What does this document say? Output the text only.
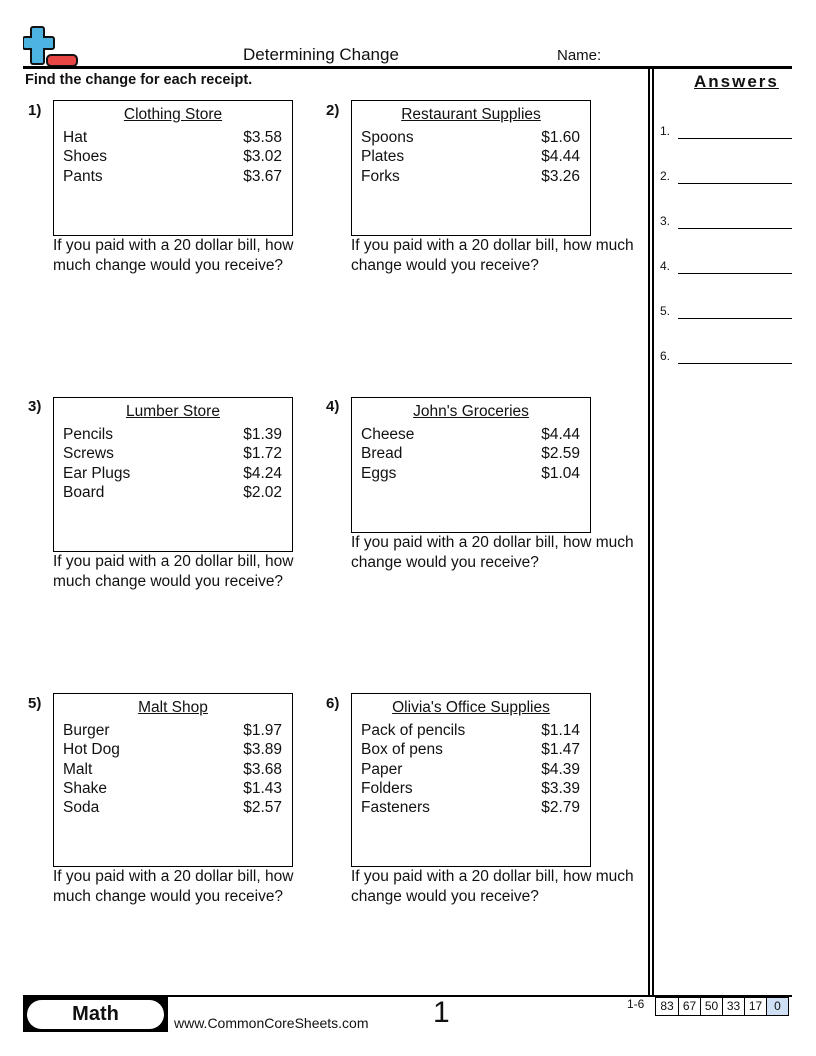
Determining Change	Name:
Find the change for each receipt.	Answers
1.
2.
3.
4.
5.
6.
1)	Clothing Store
Hat	$3.58
Shoes	$3.02
Pants	$3.67
If you paid with a 20 dollar bill, how much change would you receive?
2)	Restaurant Supplies
Spoons	$1.60
Plates	$4.44
Forks	$3.26
If you paid with a 20 dollar bill, how much change would you receive?
3)	Lumber Store
Pencils	$1.39
Screws	$1.72
Ear Plugs	$4.24
Board	$2.02
If you paid with a 20 dollar bill, how much change would you receive?
4)	John's Groceries
Cheese	$4.44
Bread	$2.59
Eggs	$1.04
If you paid with a 20 dollar bill, how much change would you receive?
5)	Malt Shop
Burger	$1.97
Hot Dog	$3.89
Malt	$3.68
Shake	$1.43
Soda	$2.57
If you paid with a 20 dollar bill, how much change would you receive?
6)	Olivia's Office Supplies
Pack of pencils	$1.14
Box of pens	$1.47
Paper	$4.39
Folders	$3.39
Fasteners	$2.79
If you paid with a 20 dollar bill, how much change would you receive?
Math	www.CommonCoreSheets.com 1	1-6	83 67 50 33 17 0
